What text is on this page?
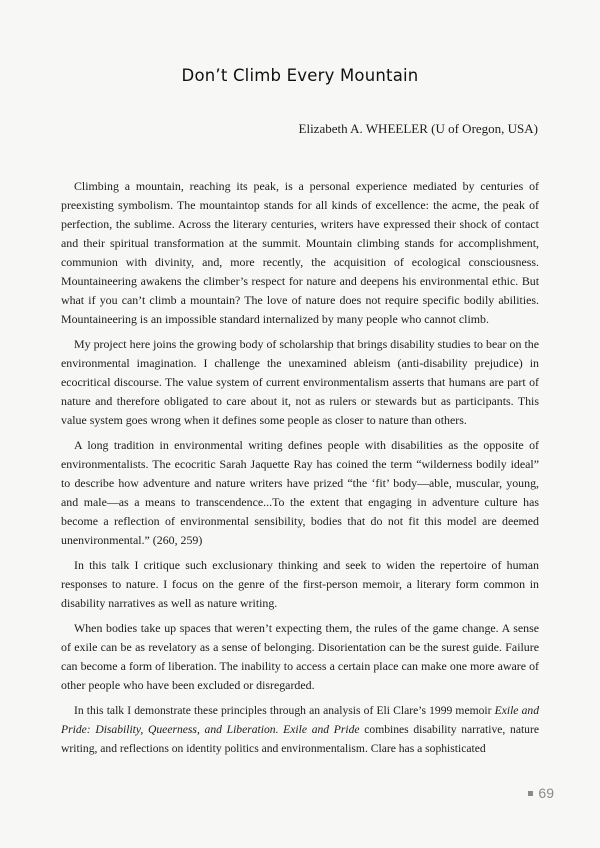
Don’t Climb Every Mountain
Elizabeth A. WHEELER (U of Oregon, USA)

Climbing a mountain, reaching its peak, is a personal experience mediated by centuries of preexisting symbolism. The mountaintop stands for all kinds of excellence: the acme, the peak of perfection, the sublime. Across the literary centuries, writers have expressed their shock of contact and their spiritual transformation at the summit. Mountain climbing stands for accomplishment, communion with divinity, and, more recently, the acquisition of ecological consciousness. Mountaineering awakens the climber’s respect for nature and deepens his environmental ethic. But what if you can’t climb a mountain? The love of nature does not require specific bodily abilities. Mountaineering is an impossible standard internalized by many people who cannot climb.

My project here joins the growing body of scholarship that brings disability studies to bear on the environmental imagination. I challenge the unexamined ableism (anti-disability prejudice) in ecocritical discourse. The value system of current environmentalism asserts that humans are part of nature and therefore obligated to care about it, not as rulers or stewards but as participants. This value system goes wrong when it defines some people as closer to nature than others.

A long tradition in environmental writing defines people with disabilities as the opposite of environmentalists. The ecocritic Sarah Jaquette Ray has coined the term “wilderness bodily ideal” to describe how adventure and nature writers have prized “the ‘fit’ body—able, muscular, young, and male—as a means to transcendence...To the extent that engaging in adventure culture has become a reflection of environmental sensibility, bodies that do not fit this model are deemed unenvironmental.” (260, 259)

In this talk I critique such exclusionary thinking and seek to widen the repertoire of human responses to nature. I focus on the genre of the first-person memoir, a literary form common in disability narratives as well as nature writing.

When bodies take up spaces that weren’t expecting them, the rules of the game change. A sense of exile can be as revelatory as a sense of belonging. Disorientation can be the surest guide. Failure can become a form of liberation. The inability to access a certain place can make one more aware of other people who have been excluded or disregarded.

In this talk I demonstrate these principles through an analysis of Eli Clare’s 1999 memoir Exile and Pride: Disability, Queerness, and Liberation. Exile and Pride combines disability narrative, nature writing, and reflections on identity politics and environmentalism. Clare has a sophisticated

69
